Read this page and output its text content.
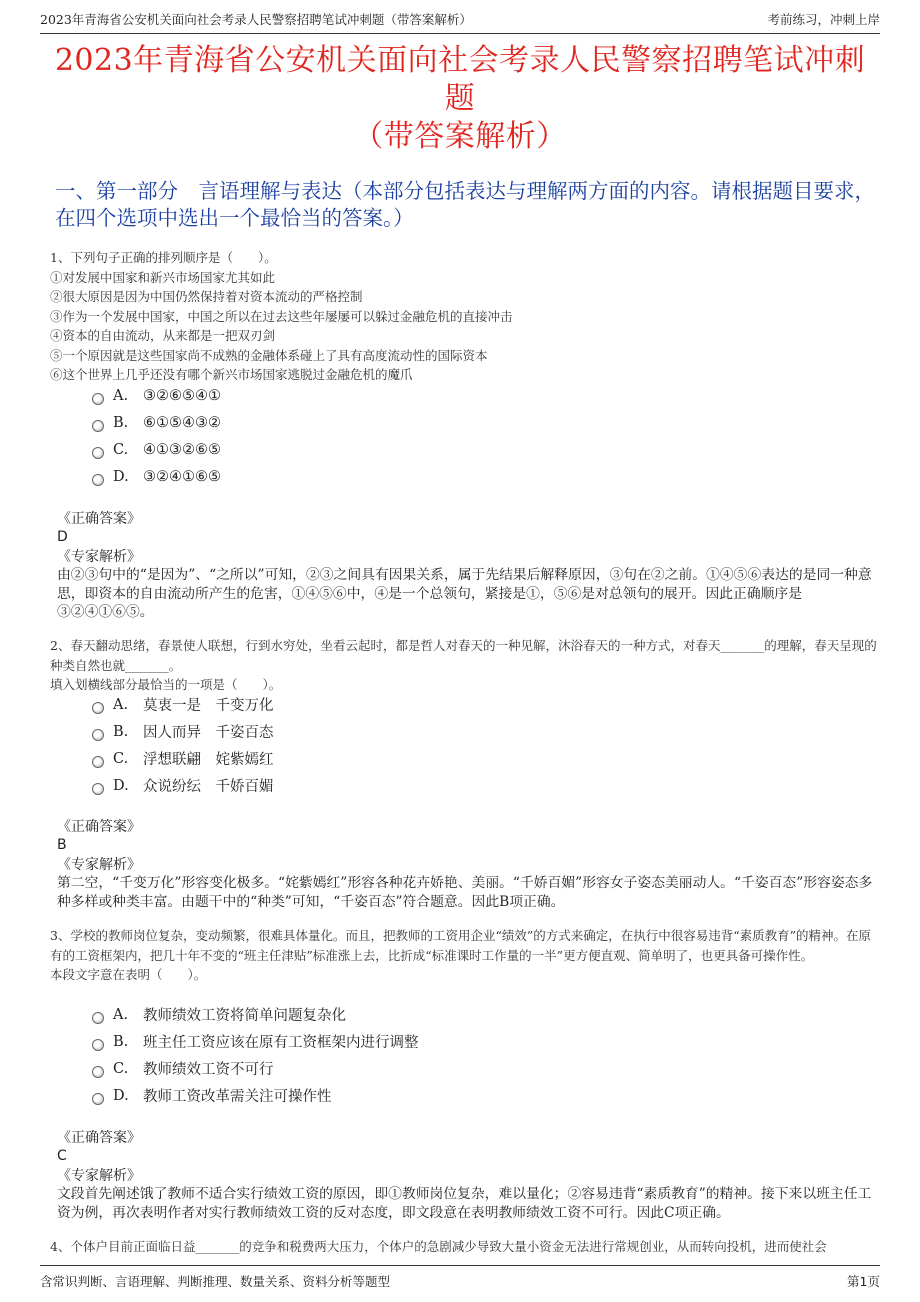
2023年青海省公安机关面向社会考录人民警察招聘笔试冲刺题（带答案解析）	考前练习，冲刺上岸
2023年青海省公安机关面向社会考录人民警察招聘笔试冲刺题
（带答案解析）
一、第一部分　言语理解与表达（本部分包括表达与理解两方面的内容。请根据题目要求，在四个选项中选出一个最恰当的答案。）

1、下列句子正确的排列顺序是（　　）。

①对发展中国家和新兴市场国家尤其如此

②很大原因是因为中国仍然保持着对资本流动的严格控制

③作为一个发展中国家，中国之所以在过去这些年屡屡可以躲过金融危机的直接冲击

④资本的自由流动，从来都是一把双刃剑

⑤一个原因就是这些国家尚不成熟的金融体系碰上了具有高度流动性的国际资本

⑥这个世界上几乎还没有哪个新兴市场国家逃脱过金融危机的魔爪

A.	③②⑥⑤④①
B.	⑥①⑤④③②
C.	④①③②⑥⑤
D. ③②④①⑥⑤
《正确答案》
D
《专家解析》
由②③句中的“是因为”、“之所以”可知，②③之间具有因果关系，属于先结果后解释原因，③句在②之前。①④⑤⑥表达的是同一种意思，即资本的自由流动所产生的危害，①④⑤⑥中，④是一个总领句，紧接是①，⑤⑥是对总领句的展开。因此正确顺序是③②④①⑥⑤。

2、春天翻动思绪，春景使人联想，行到水穷处，坐看云起时，都是哲人对春天的一种见解，沐浴春天的一种方式，对春天_______的理解，春天呈现的种类自然也就_______。

填入划横线部分最恰当的一项是（　　）。

A.	莫衷一是　千变万化
B.	因人而异　千姿百态
C.	浮想联翩　姹紫嫣红
D. 众说纷纭　千娇百媚
《正确答案》
B
《专家解析》
第二空，“千变万化”形容变化极多。“姹紫嫣红”形容各种花卉娇艳、美丽。“千娇百媚”形容女子姿态美丽动人。“千姿百态”形容姿态多种多样或种类丰富。由题干中的“种类”可知，“千姿百态”符合题意。因此B项正确。

3、学校的教师岗位复杂，变动频繁，很难具体量化。而且，把教师的工资用企业“绩效”的方式来确定，在执行中很容易违背“素质教育”的精神。在原有的工资框架内，把几十年不变的“班主任津贴”标准涨上去，比折成“标准课时工作量的一半”更方便直观、简单明了，也更具备可操作性。

本段文字意在表明（　　）。

A.	教师绩效工资将简单问题复杂化
B.	班主任工资应该在原有工资框架内进行调整
C.	教师绩效工资不可行
D. 教师工资改革需关注可操作性
《正确答案》
C
《专家解析》
文段首先阐述饿了教师不适合实行绩效工资的原因，即①教师岗位复杂，难以量化；②容易违背“素质教育”的精神。接下来以班主任工资为例，再次表明作者对实行教师绩效工资的反对态度，即文段意在表明教师绩效工资不可行。因此C项正确。

4、个体户目前正面临日益_______的竞争和税费两大压力，个体户的急剧减少导致大量小资金无法进行常规创业，从而转向投机，进而使社会

含常识判断、言语理解、判断推理、数量关系、资料分析等题型	第1页
